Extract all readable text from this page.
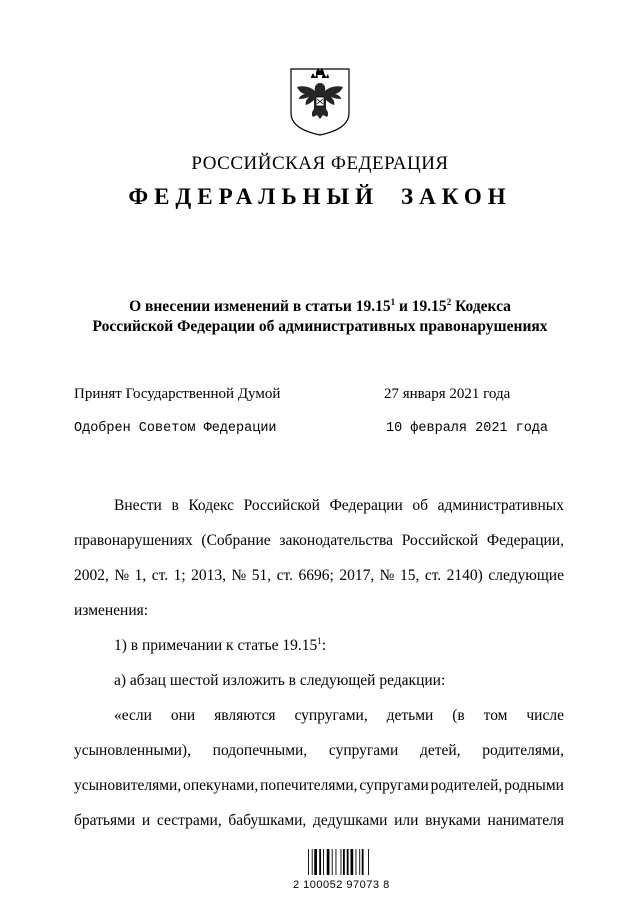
РОССИЙСКАЯ ФЕДЕРАЦИЯ
ФЕДЕРАЛЬНЫЙ ЗАКОН
О внесении изменений в статьи 19.15$^1$ и 19.15$^2$ Кодекса
Российской Федерации об административных правонарушениях
Принят Государственной Думой	27 января 2021 года
Одобрен Советом Федерации	10 февраля 2021 года
Внести в Кодекс Российской Федерации об административных
правонарушениях (Собрание законодательства Российской Федерации,
2002, № 1, ст. 1; 2013, № 51, ст. 6696; 2017, № 15, ст. 2140) следующие
изменения:
1) в примечании к статье 19.15$^1$:
а) абзац шестой изложить в следующей редакции:
«если они являются супругами, детьми (в том числе
усыновленными), подопечными, супругами детей, родителями,
усыновителями, опекунами, попечителями, супругами родителей, родными
братьями и сестрами, бабушками, дедушками или внуками нанимателя
2 100052 97073 8
